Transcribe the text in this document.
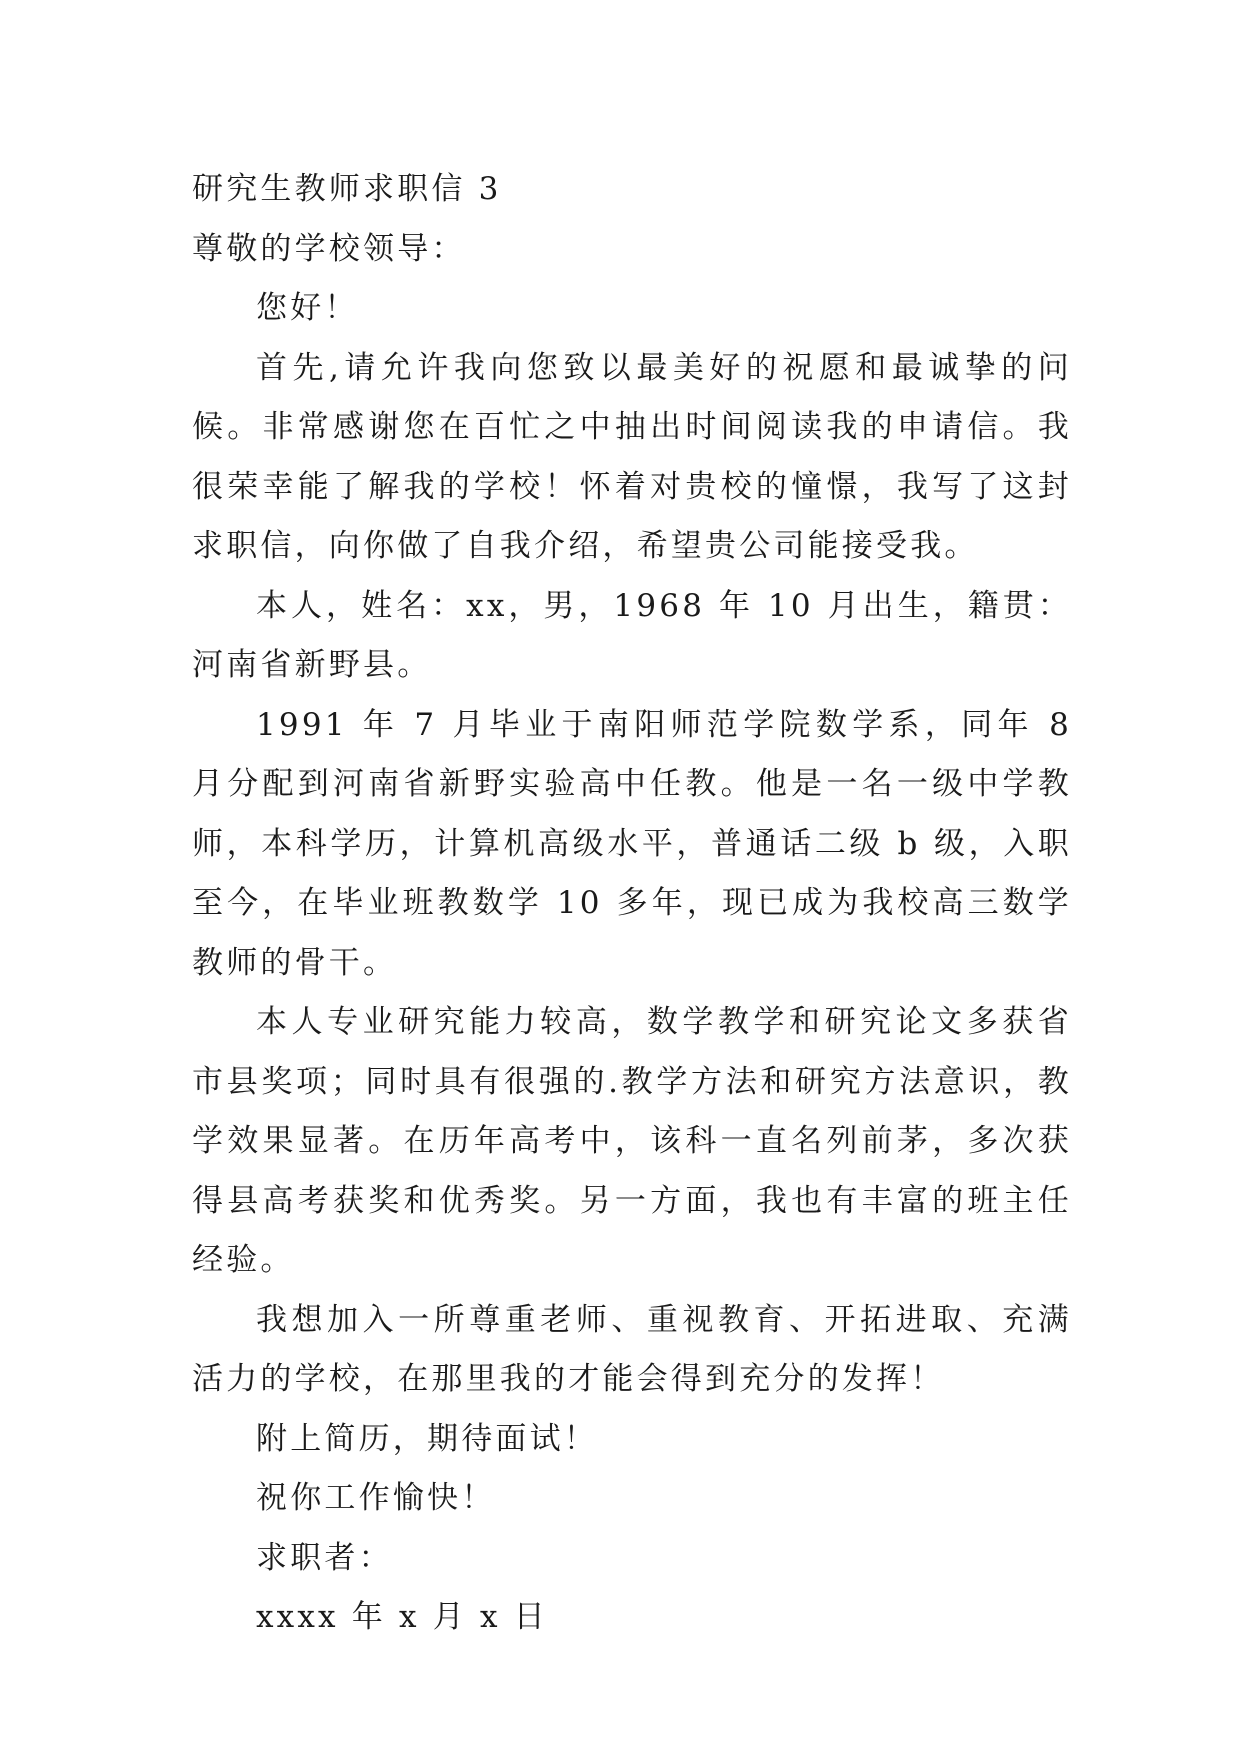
研究生教师求职信 3

尊敬的学校领导：

您好！

首先,请允许我向您致以最美好的祝愿和最诚挚的问候。非常感谢您在百忙之中抽出时间阅读我的申请信。我很荣幸能了解我的学校！怀着对贵校的憧憬，我写了这封求职信，向你做了自我介绍，希望贵公司能接受我。

本人，姓名：xx，男，1968 年 10 月出生，籍贯：河南省新野县。

1991 年 7 月毕业于南阳师范学院数学系，同年 8 月分配到河南省新野实验高中任教。他是一名一级中学教师，本科学历，计算机高级水平，普通话二级 b 级，入职至今，在毕业班教数学 10 多年，现已成为我校高三数学教师的骨干。

本人专业研究能力较高，数学教学和研究论文多获省市县奖项；同时具有很强的.教学方法和研究方法意识，教学效果显著。在历年高考中，该科一直名列前茅，多次获得县高考获奖和优秀奖。另一方面，我也有丰富的班主任经验。

我想加入一所尊重老师、重视教育、开拓进取、充满活力的学校，在那里我的才能会得到充分的发挥！

附上简历，期待面试！

祝你工作愉快！

求职者：

xxxx 年 x 月 x 日
